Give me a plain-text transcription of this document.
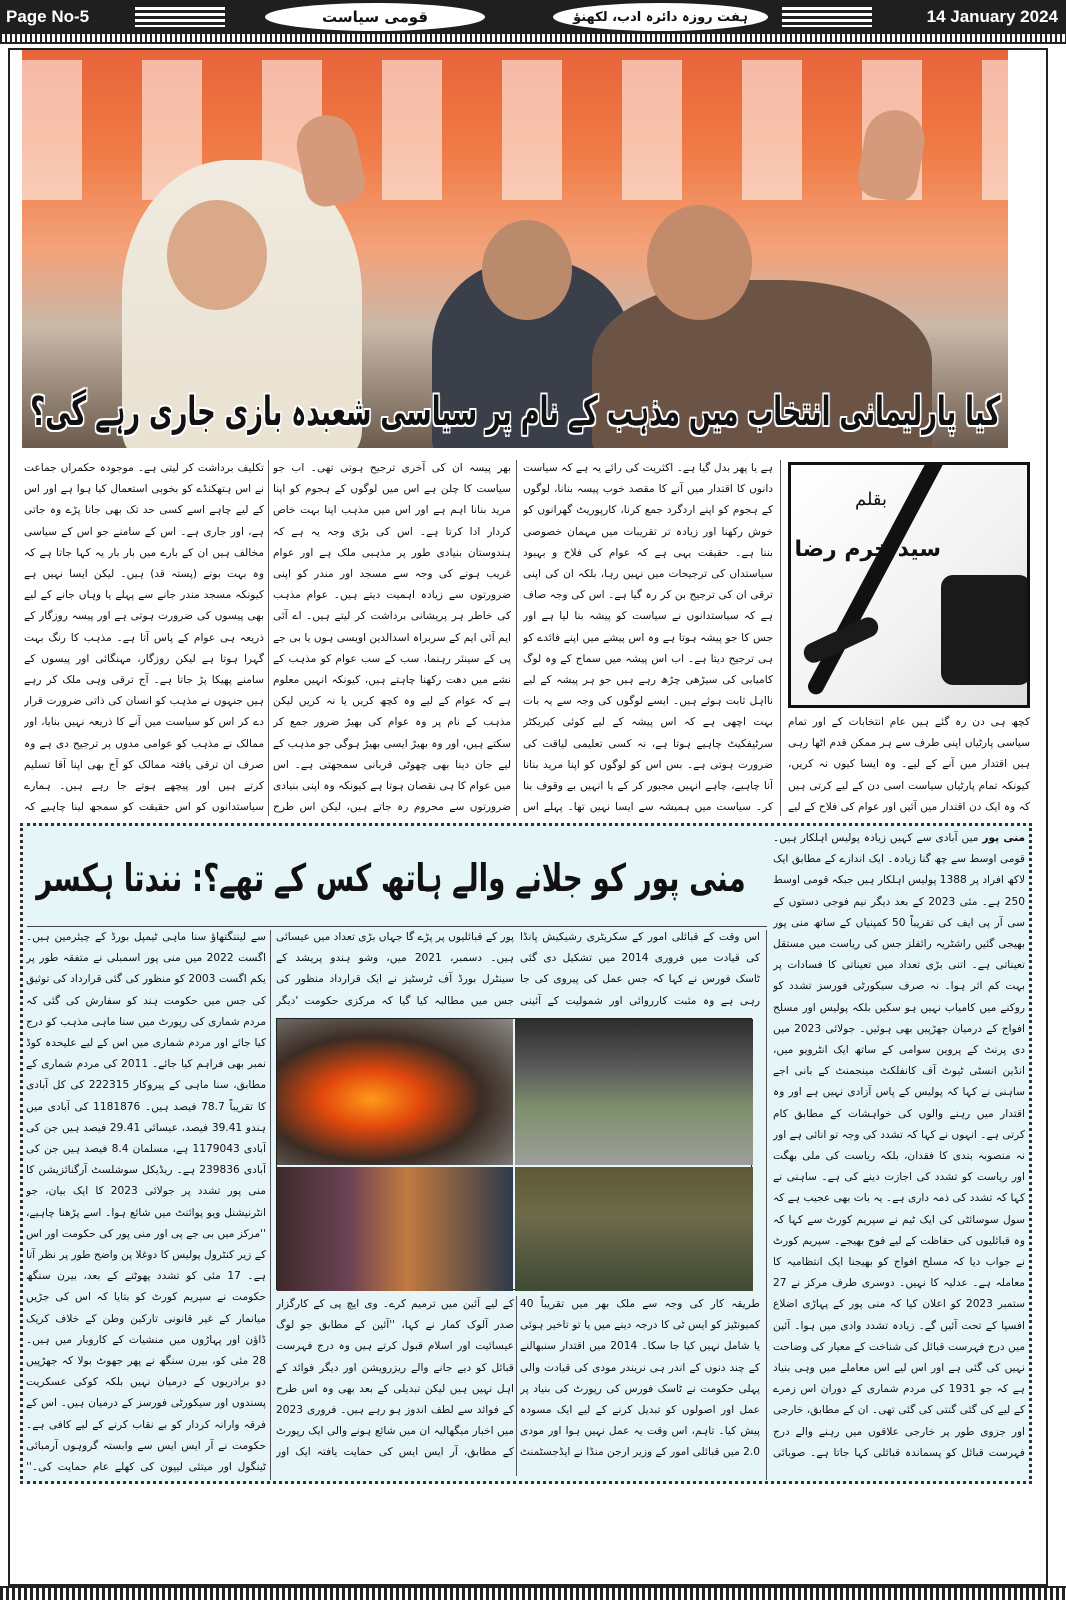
Page No-5	قومی سیاست	ہفت روزہ دائرہ ادب، لکھنؤ	14 January 2024
کیا پارلیمانی انتخاب میں مذہب کے نام پر سیاسی شعبدہ بازی جاری رہے گی؟
بقلم
سید خرم رضا
کچھ ہی دن رہ گئے ہیں عام انتخابات کے اور تمام سیاسی پارٹیاں اپنی طرف سے ہر ممکن قدم اٹھا رہی ہیں اقتدار میں آنے کے لیے۔ وہ ایسا کیوں نہ کریں، کیونکہ تمام پارٹیاں سیاست اسی دن کے لیے کرتی ہیں کہ وہ ایک دن اقتدار میں آئیں اور عوام کی فلاح کے لیے
ہے یا پھر بدل گیا ہے۔ اکثریت کی رائے یہ ہے کہ سیاست دانوں کا اقتدار میں آنے کا مقصد خوب پیسہ بنانا، لوگوں کے ہجوم کو اپنے اردگرد جمع کرنا، کارپوریٹ گھرانوں کو خوش رکھنا اور زیادہ تر تقریبات میں مہمان خصوصی بننا ہے۔ حقیقت یہی ہے کہ عوام کی فلاح و بہبود سیاستداں کی ترجیحات میں نہیں رہا، بلکہ ان کی اپنی ترقی ان کی ترجیح بن کر رہ گیا ہے۔ اس کی وجہ صاف ہے کہ سیاستدانوں نے سیاست کو پیشہ بنا لیا ہے اور جس کا جو پیشہ ہوتا ہے وہ اس پیشے میں اپنے فائدے کو ہی ترجیح دیتا ہے۔ اب اس پیشہ میں سماج کے وہ لوگ کامیابی کی سیڑھی چڑھ رہے ہیں جو ہر پیشہ کے لیے نااہل ثابت ہوئے ہیں۔ ایسے لوگوں کی وجہ سے یہ بات بہت اچھی ہے کہ اس پیشہ کے لیے کوئی کیریکٹر سرٹیفکیٹ چاہیے ہوتا ہے، نہ کسی تعلیمی لیاقت کی ضرورت ہوتی ہے۔ بس اس کو لوگوں کو اپنا مرید بنانا آنا چاہیے، چاہے انہیں مجبور کر کے یا انہیں بے وقوف بنا کر۔ سیاست میں ہمیشہ سے ایسا نہیں تھا۔ پہلے اس
بھر پیسہ ان کی آخری ترجیح ہوتی تھی۔ اب جو سیاست کا چلن ہے اس میں لوگوں کے ہجوم کو اپنا مرید بنانا اہم ہے اور اس میں مذہب اپنا بہت خاص کردار ادا کرتا ہے۔ اس کی بڑی وجہ یہ ہے کہ ہندوستان بنیادی طور پر مذہبی ملک ہے اور عوام غریب ہونے کی وجہ سے مسجد اور مندر کو اپنی ضرورتوں سے زیادہ اہمیت دیتے ہیں۔ عوام مذہب کی خاطر ہر پریشانی برداشت کر لیتے ہیں۔ اے آئی ایم آئی ایم کے سربراہ اسدالدین اویسی ہوں یا بی جے پی کے سینئر رہنما، سب کے سب عوام کو مذہب کے نشے میں دھت رکھنا چاہتے ہیں، کیونکہ انہیں معلوم ہے کہ عوام کے لیے وہ کچھ کریں یا نہ کریں لیکن مذہب کے نام پر وہ عوام کی بھیڑ ضرور جمع کر سکتے ہیں، اور وہ بھیڑ ایسی بھیڑ ہوگی جو مذہب کے لیے جان دینا بھی چھوٹی قربانی سمجھتی ہے۔ اس میں عوام کا ہی نقصان ہوتا ہے کیونکہ وہ اپنی بنیادی ضرورتوں سے محروم رہ جاتے ہیں، لیکن اس طرح
تکلیف برداشت کر لیتی ہے۔ موجودہ حکمراں جماعت نے اس ہتھکنڈے کو بخوبی استعمال کیا ہوا ہے اور اس کے لیے چاہے اسے کسی حد تک بھی جانا پڑے وہ جاتی ہے، اور جاری ہے۔ اس کے سامنے جو اس کے سیاسی مخالف ہیں ان کے بارے میں بار بار یہ کہا جاتا ہے کہ وہ بہت بونے (پستہ قد) ہیں۔ لیکن ایسا نہیں ہے کیونکہ مسجد مندر جانے سے پہلے یا وہاں جانے کے لیے بھی پیسوں کی ضرورت ہوتی ہے اور پیسہ روزگار کے ذریعہ ہی عوام کے پاس آتا ہے۔ مذہب کا رنگ بہت گہرا ہوتا ہے لیکن روزگار، مہنگائی اور پیسوں کے سامنے پھیکا پڑ جاتا ہے۔ آج ترقی وہی ملک کر رہے ہیں جنہوں نے مذہب کو انسان کی ذاتی ضرورت قرار دے کر اس کو سیاست میں آنے کا ذریعہ نہیں بنایا، اور ممالک نے مذہب کو عوامی مدوں پر ترجیح دی ہے وہ صرف ان ترقی یافتہ ممالک کو آج بھی اپنا آقا تسلیم کرتے ہیں اور پیچھے ہوتے جا رہے ہیں۔ ہمارے سیاستدانوں کو اس حقیقت کو سمجھ لینا چاہیے کہ
منی پور کو جلانے والے ہاتھ کس کے تھے؟: نندتا ہکسر
منی پور میں آبادی سے کہیں زیادہ پولیس اہلکار ہیں۔ قومی اوسط سے چھ گنا زیادہ۔ ایک اندازے کے مطابق ایک لاکھ افراد پر 1388 پولیس اہلکار ہیں جبکہ قومی اوسط 250 ہے۔ مئی 2023 کے بعد دیگر نیم فوجی دستوں کے سی آر پی ایف کی تقریباً 50 کمپنیاں کے ساتھ منی پور بھیجی گئیں راشٹریہ رائفلز جس کی ریاست میں مستقل تعیناتی ہے۔ اتنی بڑی تعداد میں تعیناتی کا فسادات پر بہت کم اثر ہوا۔ نہ صرف سیکورٹی فورسز تشدد کو روکنے میں کامیاب نہیں ہو سکیں بلکہ پولیس اور مسلح افواج کے درمیان جھڑپیں بھی ہوئیں۔ جولائی 2023 میں دی پرنٹ کے پروین سوامی کے ساتھ ایک انٹرویو میں، انڈین انسٹی ٹیوٹ آف کانفلکٹ مینجمنٹ کے بانی اجے ساہنی نے کہا کہ پولیس کے پاس آزادی نہیں ہے اور وہ اقتدار میں رہنے والوں کی خواہشات کے مطابق کام کرتی ہے۔ انہوں نے کہا کہ تشدد کی وجہ تو انائی ہے اور نہ منصوبہ بندی کا فقدان، بلکہ ریاست کی ملی بھگت اور ریاست کو تشدد کی اجازت دینے کی ہے۔ ساہنی نے کہا کہ تشدد کی ذمہ داری ہے۔ یہ بات بھی عجیب ہے کہ سول سوسائٹی کی ایک ٹیم نے سپریم کورٹ سے کہا کہ وہ قبائلیوں کی حفاظت کے لیے فوج بھیجے۔ سپریم کورٹ نے جواب دیا کہ مسلح افواج کو بھیجنا ایک انتظامیہ کا معاملہ ہے۔ عدلیہ کا نہیں۔ دوسری طرف مرکز نے 27 ستمبر 2023 کو اعلان کیا کہ منی پور کے پہاڑی اضلاع افسپا کے تحت آئیں گے۔ زیادہ تشدد وادی میں ہوا۔ آئین میں درج فہرست قبائل کی شناخت کے معیار کی وضاحت نہیں کی گئی ہے اور اس لیے اس معاملے میں وہی بنیاد ہے کہ جو 1931 کی مردم شماری کے دوران اس زمرے کے لیے کی گئی گنتی کی گئی تھی۔ ان کے مطابق، خارجی اور جزوی طور پر خارجی علاقوں میں رہنے والے درج فہرست قبائل کو پسماندہ قبائلی کہا جاتا ہے۔ صوبائی
اس وقت کے قبائلی امور کے سکریٹری رشیکیش پانڈا کی قیادت میں فروری 2014 میں تشکیل دی گئی ٹاسک فورس نے کہا کہ جس عمل کی پیروی کی جا رہی ہے وہ مثبت کارروائی اور شمولیت کے آئینی
پور کے قبائلیوں پر پڑے گا جہاں بڑی تعداد میں عیسائی ہیں۔ دسمبر، 2021 میں، وشو ہندو پریشد کے سینٹرل بورڈ آف ٹرسٹیز نے ایک قرارداد منظور کی جس میں مطالبہ کیا گیا کہ مرکزی حکومت 'دیگر
سے لیننگتھاؤ سنا ماہی ٹیمپل بورڈ کے چیئرمین ہیں۔ اگست 2022 میں منی پور اسمبلی نے متفقہ طور پر یکم اگست 2003 کو منظور کی گئی قرارداد کی توثیق کی جس میں حکومت ہند کو سفارش کی گئی کہ مردم شماری کی رپورٹ میں سنا ماہی مذہب کو درج کیا جائے اور مردم شماری میں اس کے لیے علیحدہ کوڈ نمبر بھی فراہم کیا جائے۔ 2011 کی مردم شماری کے مطابق، سنا ماہی کے پیروکار 222315 کی کل آبادی کا تقریباً 78.7 فیصد ہیں۔ 1181876 کی آبادی میں ہندو 39.41 فیصد، عیسائی 29.41 فیصد ہیں جن کی آبادی 1179043 ہے، مسلمان 8.4 فیصد ہیں جن کی آبادی 239836 ہے۔ ریڈیکل سوشلسٹ آرگنائزیشن کا منی پور تشدد پر جولائی 2023 کا ایک بیان، جو انٹرنیشنل ویو پوائنٹ میں شائع ہوا۔ اسے پڑھنا چاہیے، ''مرکز میں بی جے پی اور منی پور کی حکومت اور اس کے زیر کنٹرول پولیس کا دوغلا پن واضح طور پر نظر آتا ہے۔ 17 مئی کو تشدد پھوٹنے کے بعد، بیرن سنگھ حکومت نے سپریم کورٹ کو بتایا کہ اس کی جڑیں میانمار کے غیر قانونی تارکین وطن کے خلاف کریک ڈاؤن اور پہاڑوں میں منشیات کے کاروبار میں ہیں۔ 28 مئی کو، بیرن سنگھ نے پھر جھوٹ بولا کہ جھڑپیں دو برادریوں کے درمیان نہیں بلکہ کوکی عسکریت پسندوں اور سیکورٹی فورسز کے درمیان ہیں۔ اس کے فرقہ وارانہ کردار کو بے نقاب کرنے کے لیے کافی ہے۔ حکومت نے آر ایس ایس سے وابستہ گروہوں آرمبائی ٹینگول اور میتئی لیپون کی کھلے عام حمایت کی۔''
طریقہ کار کی وجہ سے ملک بھر میں تقریباً 40 کمیونٹیز کو ایس ٹی کا درجہ دینے میں یا تو تاخیر ہوئی یا شامل نہیں کیا جا سکا۔ 2014 میں اقتدار سنبھالنے کے چند دنوں کے اندر ہی نریندر مودی کی قیادت والی پہلی حکومت نے ٹاسک فورس کی رپورٹ کی بنیاد پر عمل اور اصولوں کو تبدیل کرنے کے لیے ایک مسودہ پیش کیا۔ تاہم، اس وقت یہ عمل نہیں ہوا اور مودی 2.0 میں قبائلی امور کے وزیر ارجن منڈا نے ایڈجسٹمنٹ
کے لیے آئین میں ترمیم کرے۔ وی ایچ پی کے کارگزار صدر آلوک کمار نے کہا، ''آئین کے مطابق جو لوگ عیسائیت اور اسلام قبول کرتے ہیں وہ درج فہرست قبائل کو دیے جانے والے ریزرویشن اور دیگر فوائد کے اہل نہیں ہیں لیکن تبدیلی کے بعد بھی وہ اس طرح کے فوائد سے لطف اندوز ہو رہے ہیں۔ فروری 2023 میں اخبار میگھالیہ ان میں شائع ہونے والی ایک رپورٹ کے مطابق، آر ایس ایس کی حمایت یافتہ ایک اور
